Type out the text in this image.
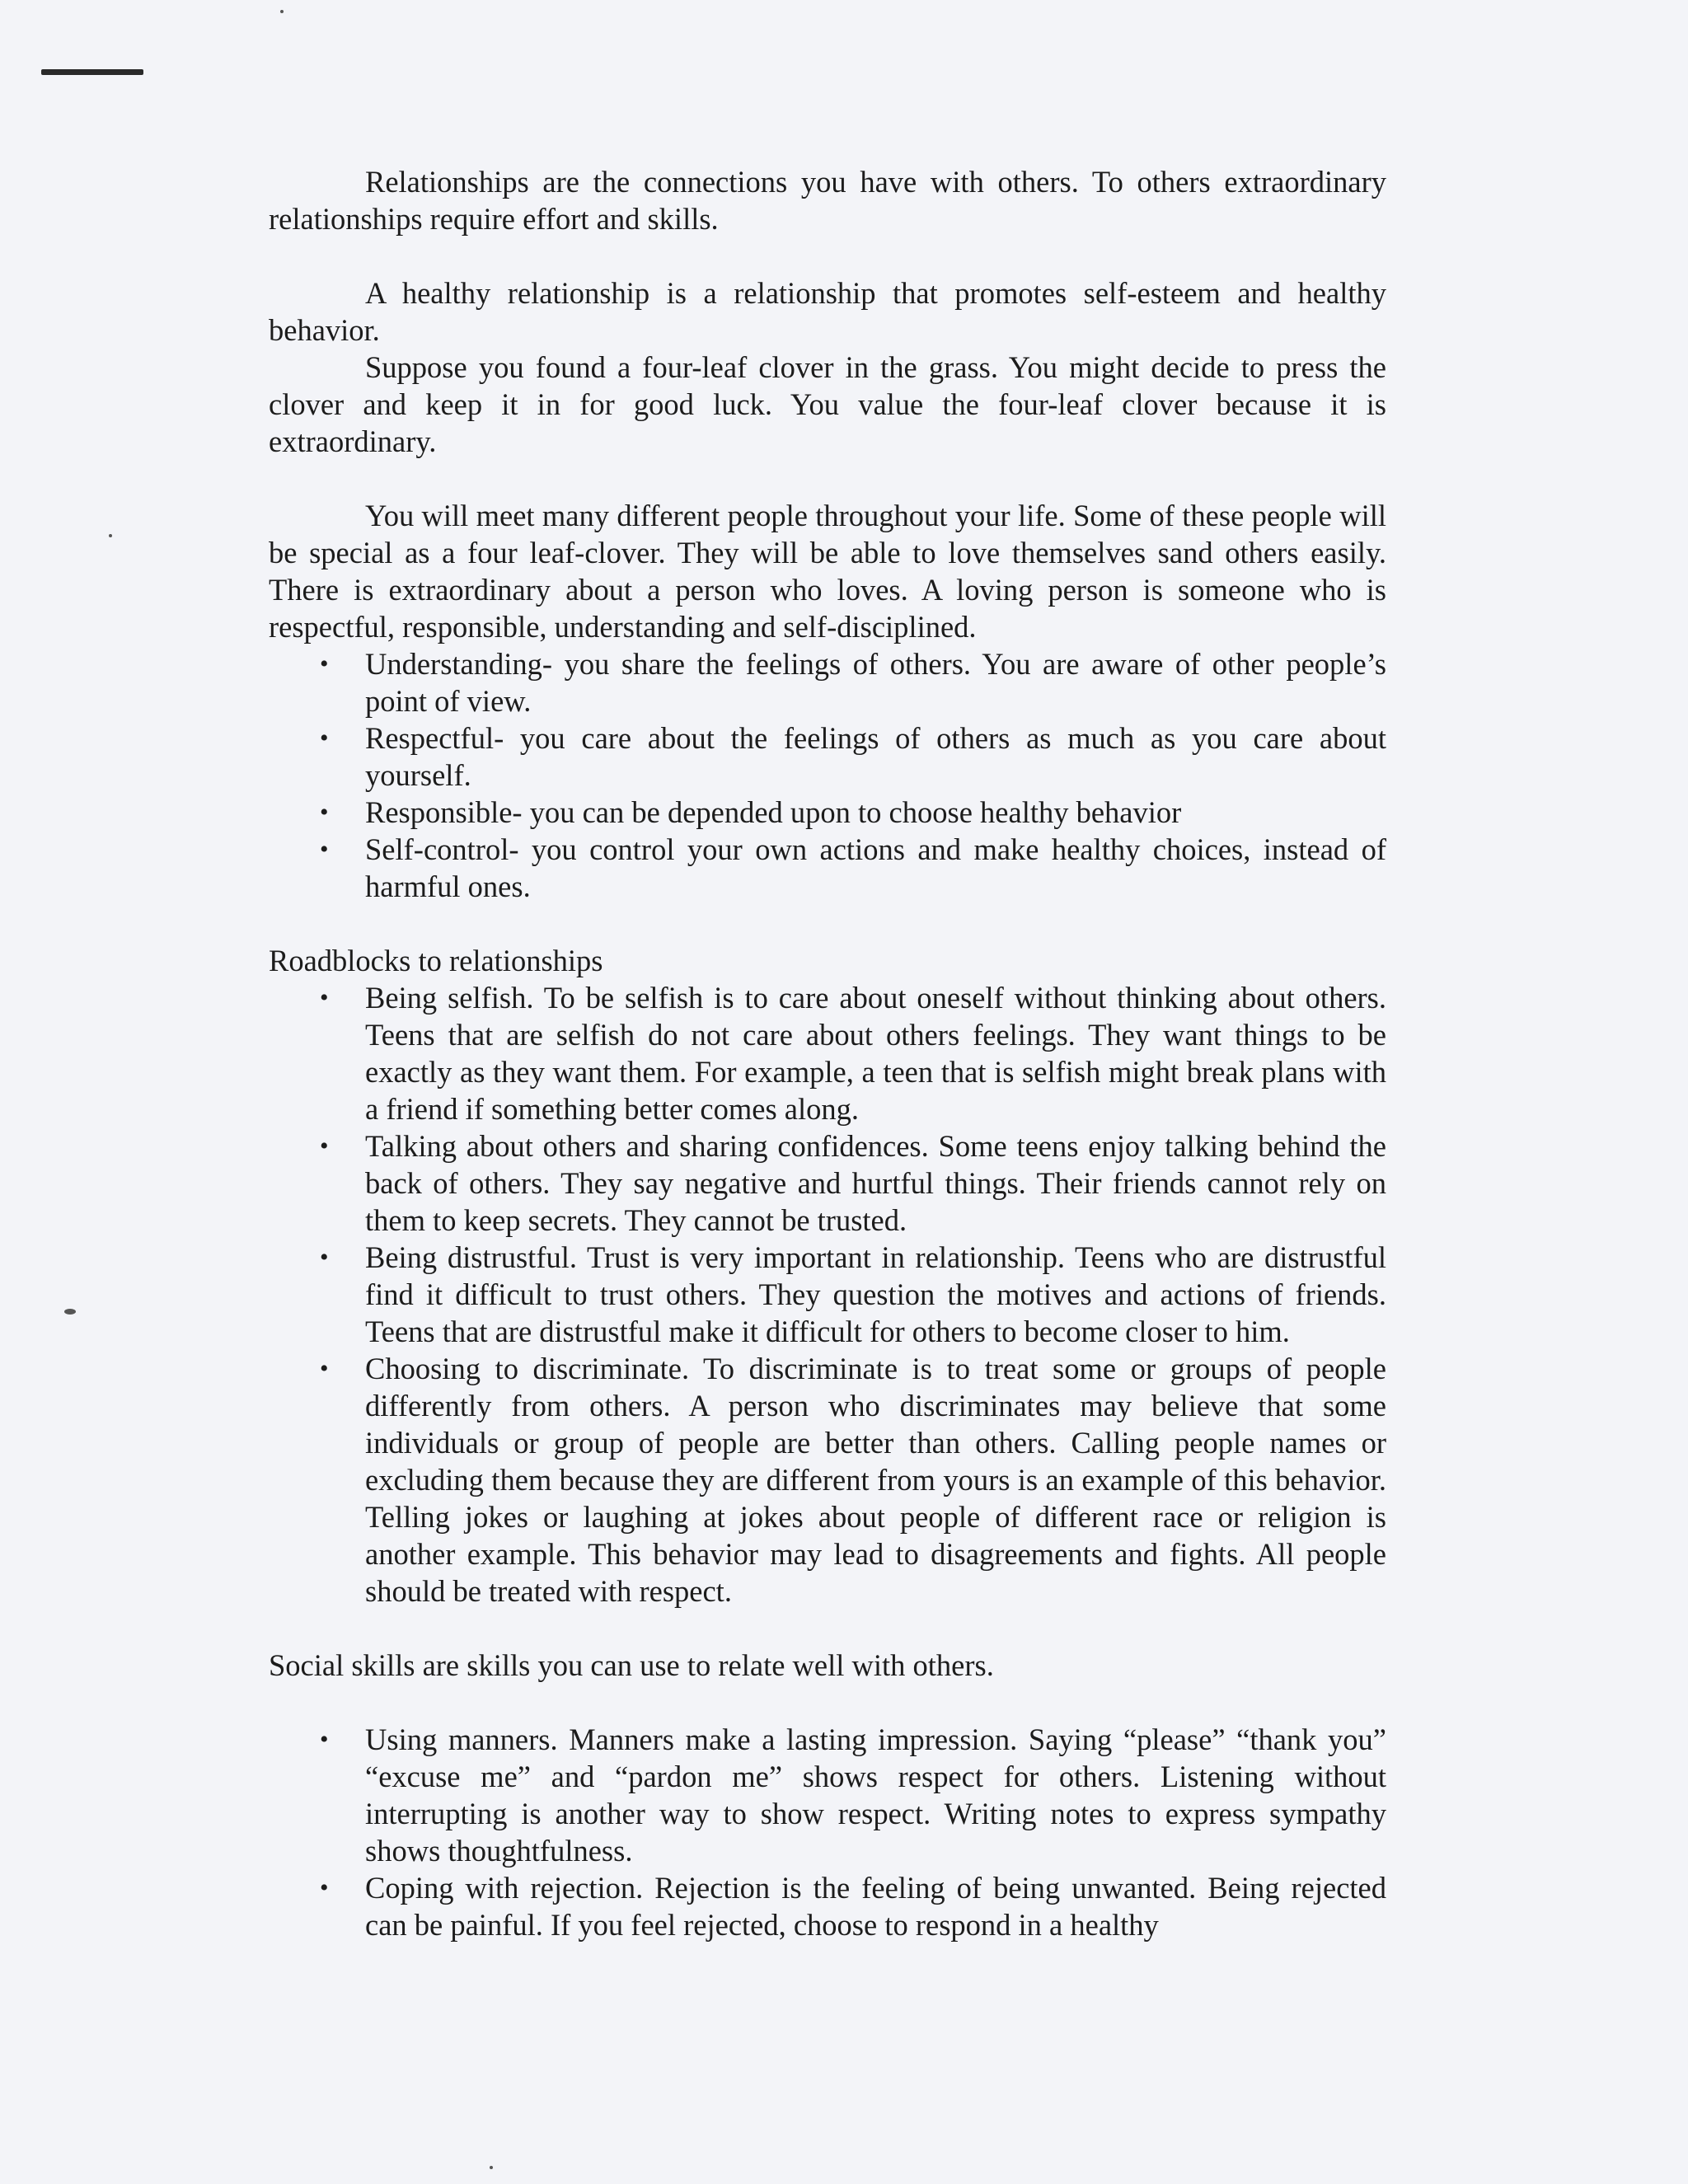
Relationships are the connections you have with others. To others extraordinary relationships require effort and skills.

A healthy relationship is a relationship that promotes self-esteem and healthy behavior.

Suppose you found a four-leaf clover in the grass. You might decide to press the clover and keep it in for good luck. You value the four-leaf clover because it is extraordinary.

You will meet many different people throughout your life. Some of these people will be special as a four leaf-clover. They will be able to love themselves sand others easily. There is extraordinary about a person who loves. A loving person is someone who is respectful, responsible, understanding and self-disciplined.

• Understanding- you share the feelings of others. You are aware of other people’s point of view.
• Respectful- you care about the feelings of others as much as you care about yourself.
• Responsible- you can be depended upon to choose healthy behavior
• Self-control- you control your own actions and make healthy choices, instead of harmful ones.

Roadblocks to relationships

• Being selfish. To be selfish is to care about oneself without thinking about others. Teens that are selfish do not care about others feelings. They want things to be exactly as they want them. For example, a teen that is selfish might break plans with a friend if something better comes along.
• Talking about others and sharing confidences. Some teens enjoy talking behind the back of others. They say negative and hurtful things. Their friends cannot rely on them to keep secrets. They cannot be trusted.
• Being distrustful. Trust is very important in relationship. Teens who are distrustful find it difficult to trust others. They question the motives and actions of friends. Teens that are distrustful make it difficult for others to become closer to him.
• Choosing to discriminate. To discriminate is to treat some or groups of people differently from others. A person who discriminates may believe that some individuals or group of people are better than others. Calling people names or excluding them because they are different from yours is an example of this behavior. Telling jokes or laughing at jokes about people of different race or religion is another example. This behavior may lead to disagreements and fights. All people should be treated with respect.

Social skills are skills you can use to relate well with others.

• Using manners. Manners make a lasting impression. Saying “please” “thank you” “excuse me” and “pardon me” shows respect for others. Listening without interrupting is another way to show respect. Writing notes to express sympathy shows thoughtfulness.
• Coping with rejection. Rejection is the feeling of being unwanted. Being rejected can be painful. If you feel rejected, choose to respond in a healthy
